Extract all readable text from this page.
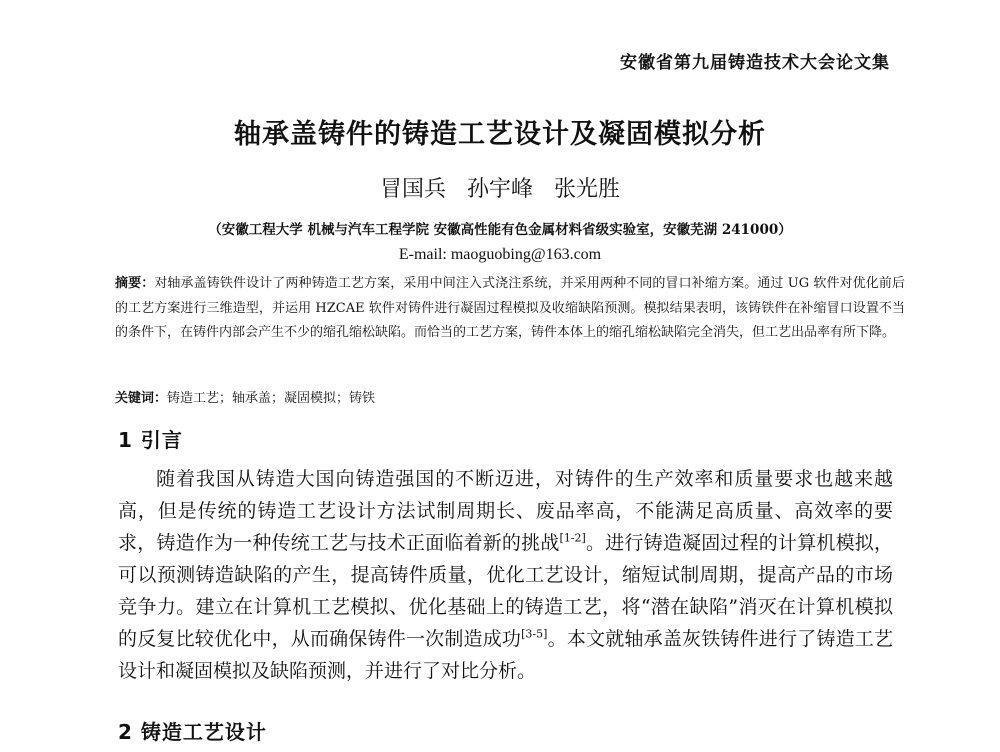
安徽省第九届铸造技术大会论文集
轴承盖铸件的铸造工艺设计及凝固模拟分析
冒国兵 孙宇峰 张光胜
（安徽工程大学 机械与汽车工程学院 安徽高性能有色金属材料省级实验室，安徽芜湖 241000）
E-mail: maoguobing@163.com
摘要：对轴承盖铸铁件设计了两种铸造工艺方案，采用中间注入式浇注系统，并采用两种不同的冒口补缩方案。通过 UG 软件对优化前后的工艺方案进行三维造型，并运用 HZCAE 软件对铸件进行凝固过程模拟及收缩缺陷预测。模拟结果表明，该铸铁件在补缩冒口设置不当的条件下，在铸件内部会产生不少的缩孔缩松缺陷。而恰当的工艺方案，铸件本体上的缩孔缩松缺陷完全消失，但工艺出品率有所下降。
关键词：铸造工艺；轴承盖；凝固模拟；铸铁
1 引言
随着我国从铸造大国向铸造强国的不断迈进，对铸件的生产效率和质量要求也越来越高，但是传统的铸造工艺设计方法试制周期长、废品率高，不能满足高质量、高效率的要求，铸造作为一种传统工艺与技术正面临着新的挑战[1-2]。进行铸造凝固过程的计算机模拟，可以预测铸造缺陷的产生，提高铸件质量，优化工艺设计，缩短试制周期，提高产品的市场竞争力。建立在计算机工艺模拟、优化基础上的铸造工艺，将“潜在缺陷”消灭在计算机模拟的反复比较优化中，从而确保铸件一次制造成功[3-5]。本文就轴承盖灰铁铸件进行了铸造工艺设计和凝固模拟及缺陷预测，并进行了对比分析。
2 铸造工艺设计
